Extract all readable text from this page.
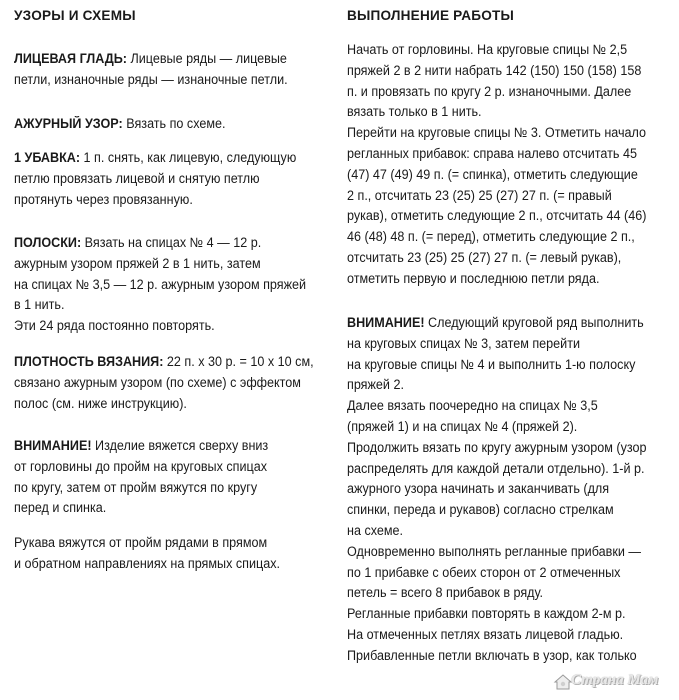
УЗОРЫ И СХЕМЫ
ЛИЦЕВАЯ ГЛАДЬ: Лицевые ряды — лицевые
петли, изнаночные ряды — изнаночные петли.
АЖУРНЫЙ УЗОР: Вязать по схеме.
1 УБАВКА: 1 п. снять, как лицевую, следующую
петлю провязать лицевой и снятую петлю
протянуть через провязанную.
ПОЛОСКИ: Вязать на спицах № 4 — 12 р.
ажурным узором пряжей 2 в 1 нить, затем
на спицах № 3,5 — 12 р. ажурным узором пряжей
в 1 нить.
Эти 24 ряда постоянно повторять.
ПЛОТНОСТЬ ВЯЗАНИЯ: 22 п. х 30 р. = 10 х 10 см,
связано ажурным узором (по схеме) с эффектом
полос (см. ниже инструкцию).
ВНИМАНИЕ! Изделие вяжется сверху вниз
от горловины до пройм на круговых спицах
по кругу, затем от пройм вяжутся по кругу
перед и спинка.
Рукава вяжутся от пройм рядами в прямом
и обратном направлениях на прямых спицах.
ВЫПОЛНЕНИЕ РАБОТЫ
Начать от горловины. На круговые спицы № 2,5
пряжей 2 в 2 нити набрать 142 (150) 150 (158) 158
п. и провязать по кругу 2 р. изнаночными. Далее
вязать только в 1 нить.
Перейти на круговые спицы № 3. Отметить начало
регланных прибавок: справа налево отсчитать 45
(47) 47 (49) 49 п. (= спинка), отметить следующие
2 п., отсчитать 23 (25) 25 (27) 27 п. (= правый
рукав), отметить следующие 2 п., отсчитать 44 (46)
46 (48) 48 п. (= перед), отметить следующие 2 п.,
отсчитать 23 (25) 25 (27) 27 п. (= левый рукав),
отметить первую и последнюю петли ряда.
ВНИМАНИЕ! Следующий круговой ряд выполнить
на круговых спицах № 3, затем перейти
на круговые спицы № 4 и выполнить 1-ю полоску
пряжей 2.
Далее вязать поочередно на спицах № 3,5
(пряжей 1) и на спицах № 4 (пряжей 2).
Продолжить вязать по кругу ажурным узором (узор
распределять для каждой детали отдельно). 1-й р.
ажурного узора начинать и заканчивать (для
спинки, переда и рукавов) согласно стрелкам
на схеме.
Одновременно выполнять регланные прибавки —
по 1 прибавке с обеих сторон от 2 отмеченных
петель = всего 8 прибавок в ряду.
Регланные прибавки повторять в каждом 2-м р.
На отмеченных петлях вязать лицевой гладью.
Прибавленные петли включать в узор, как только
Страна Мам
